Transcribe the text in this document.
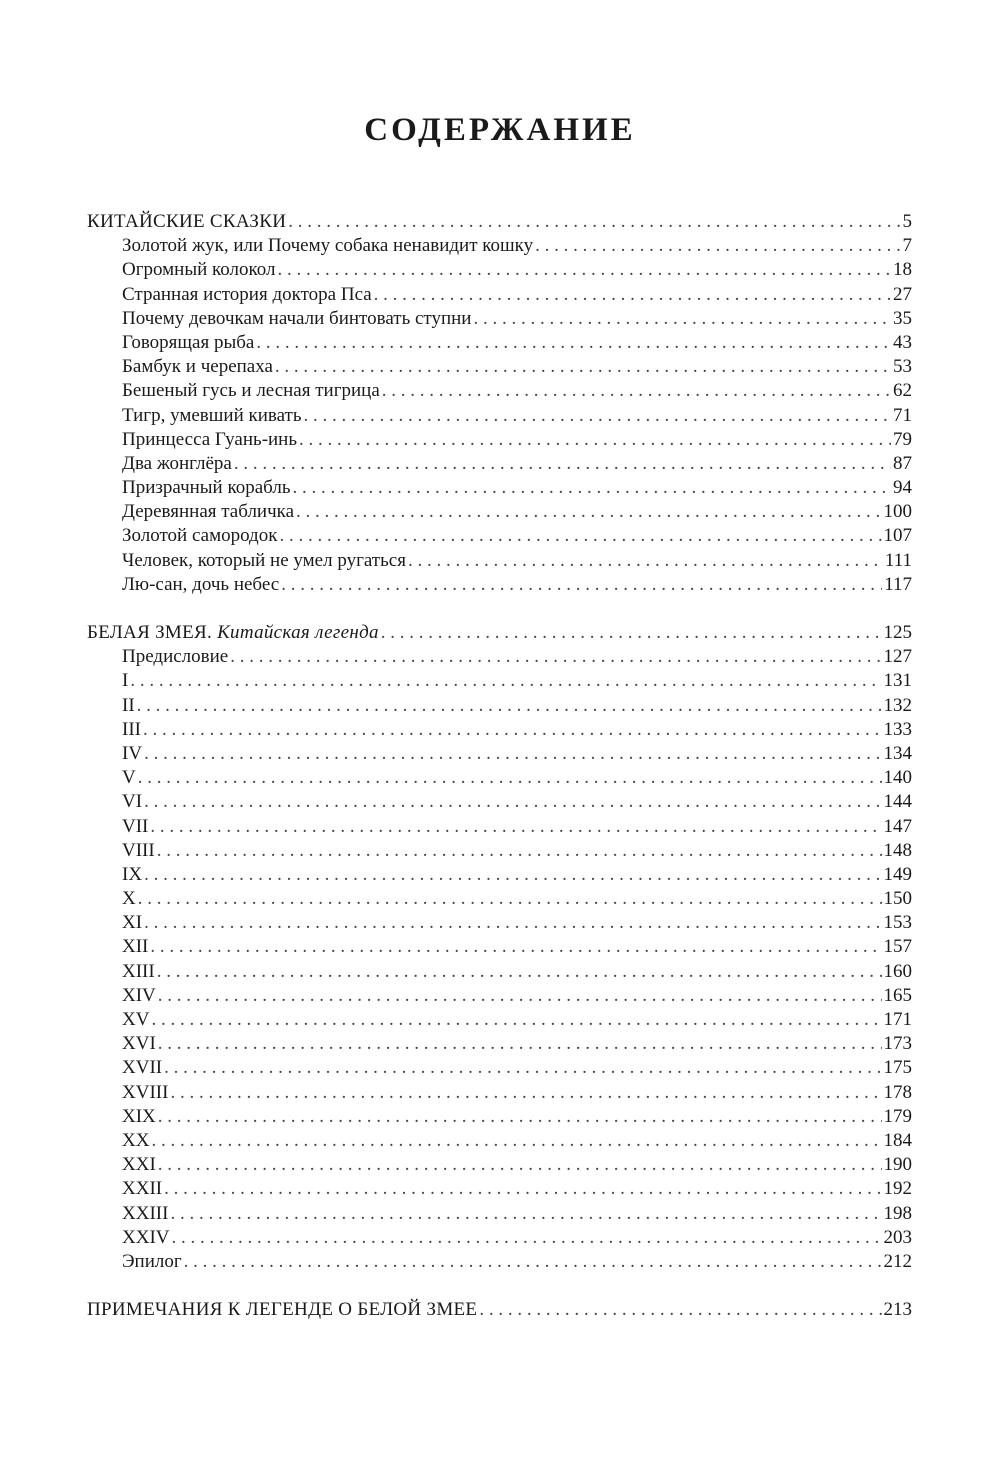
СОДЕРЖАНИЕ
КИТАЙСКИЕ СКАЗКИ . . .	5
Золотой жук, или Почему собака ненавидит кошку . . .	7
Огромный колокол . . .	18
Странная история доктора Пса . . .	27
Почему девочкам начали бинтовать ступни . . .	35
Говорящая рыба . . .	43
Бамбук и черепаха . . .	53
Бешеный гусь и лесная тигрица . . .	62
Тигр, умевший кивать . . .	71
Принцесса Гуань-инь . . .	79
Два жонглёра . . .	87
Призрачный корабль . . .	94
Деревянная табличка . . .	100
Золотой самородок . . .	107
Человек, который не умел ругаться . . .	111
Лю-сан, дочь небес . . .	117
БЕЛАЯ ЗМЕЯ. Китайская легенда . . .	125
Предисловие . . .	127
I . . .	131
II . . .	132
III . . .	133
IV . . .	134
V . . .	140
VI . . .	144
VII . . .	147
VIII . . .	148
IX . . .	149
X . . .	150
XI . . .	153
XII . . .	157
XIII . . .	160
XIV . . .	165
XV . . .	171
XVI . . .	173
XVII . . .	175
XVIII . . .	178
XIX . . .	179
XX . . .	184
XXI . . .	190
XXII . . .	192
XXIII . . .	198
XXIV . . .	203
Эпилог . . .	212
ПРИМЕЧАНИЯ К ЛЕГЕНДЕ О БЕЛОЙ ЗМЕЕ . . .	213
